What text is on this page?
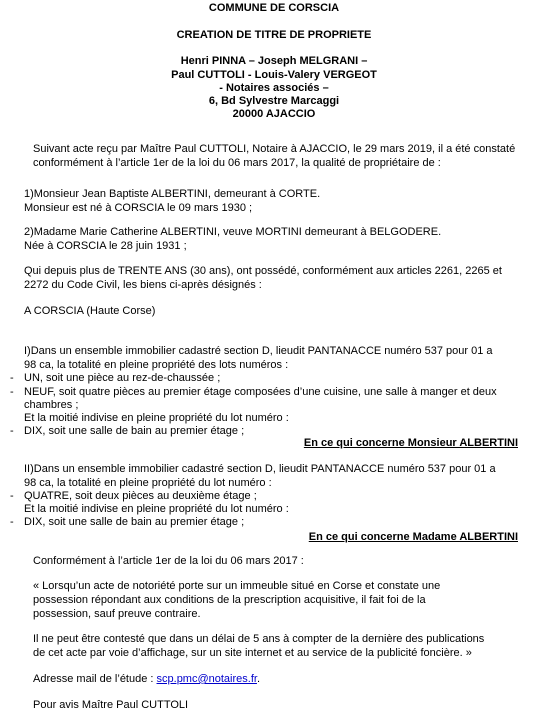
COMMUNE DE CORSCIA
CREATION DE TITRE DE PROPRIETE
Henri PINNA – Joseph MELGRANI –
Paul CUTTOLI - Louis-Valery VERGEOT
- Notaires associés –
6, Bd Sylvestre Marcaggi
20000 AJACCIO
Suivant acte reçu par Maître Paul CUTTOLI, Notaire à AJACCIO, le 29 mars 2019, il a été constaté
conformément à l’article 1er de la loi du 06 mars 2017, la qualité de propriétaire de :
1)Monsieur Jean Baptiste ALBERTINI, demeurant à CORTE.
Monsieur est né à CORSCIA le 09 mars 1930 ;
2)Madame Marie Catherine ALBERTINI, veuve MORTINI demeurant à BELGODERE.
Née à CORSCIA le 28 juin 1931 ;
Qui depuis plus de TRENTE ANS (30 ans), ont possédé, conformément aux articles 2261, 2265 et
2272 du Code Civil, les biens ci-après désignés :
A CORSCIA (Haute Corse)
I)Dans un ensemble immobilier cadastré section D, lieudit PANTANACCE numéro 537 pour 01 a
98 ca, la totalité en pleine propriété des lots numéros :
- UN, soit une pièce au rez-de-chaussée ;
- NEUF, soit quatre pièces au premier étage composées d’une cuisine, une salle à manger et deux
chambres ;
Et la moitié indivise en pleine propriété du lot numéro :
- DIX, soit une salle de bain au premier étage ;
En ce qui concerne Monsieur ALBERTINI
II)Dans un ensemble immobilier cadastré section D, lieudit PANTANACCE numéro 537 pour 01 a
98 ca, la totalité en pleine propriété du lot numéro :
- QUATRE, soit deux pièces au deuxième étage ;
Et la moitié indivise en pleine propriété du lot numéro :
- DIX, soit une salle de bain au premier étage ;
En ce qui concerne Madame ALBERTINI
Conformément à l’article 1er de la loi du 06 mars 2017 :
« Lorsqu’un acte de notoriété porte sur un immeuble situé en Corse et constate une
possession répondant aux conditions de la prescription acquisitive, il fait foi de la
possession, sauf preuve contraire.
Il ne peut être contesté que dans un délai de 5 ans à compter de la dernière des publications
de cet acte par voie d’affichage, sur un site internet et au service de la publicité foncière. »
Adresse mail de l’étude : scp.pmc@notaires.fr.
Pour avis Maître Paul CUTTOLI
